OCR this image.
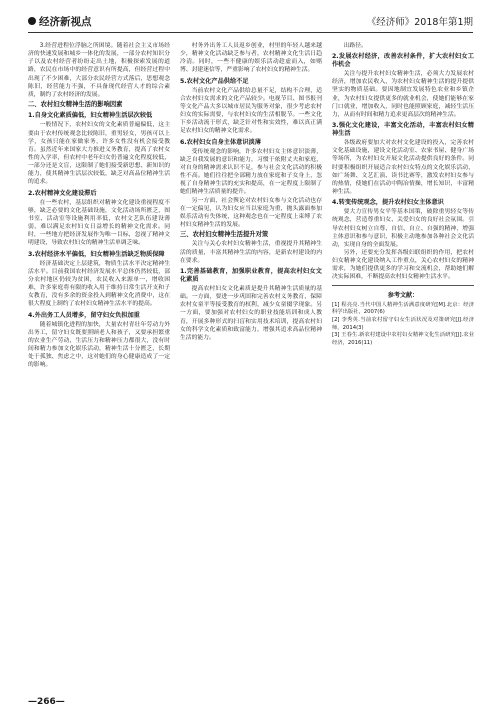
经济新视点	《经济师》2018年第1期

3.经营进程位浮脑之所困境。随着社会主义市场经济的快速发展和城乡一体化的发展，一部分农村知识分子以及农村经营者纷纷走出土地，积极探索发展的道路，农民在市场中的经营意识有所提高，但经营过程中出现了不少困难，大部分农民经营方式落后，思想观念陈旧，经营能力不强，不具备现代经营人才的综合素质，制约了农村经济的发展。

二、农村妇女精神生活的影响因素
1.自身文化素质偏低，妇女精神生活层次较低

一般情况下，农村妇女的文化素质普遍偏低，这主要由于农村传统观念比较陈旧，重男轻女，男孩可以上学，女孩只能在家做家务，许多女性没有机会接受教育。虽然近年来国家大力推进义务教育，提高了农村女性的入学率，但农村中老年妇女仍普遍文化程度较低，一部分还是文盲，这限制了她们接受新思想、新知识的能力，使其精神生活层次较低，缺乏对高品位精神生活的追求。

2.农村精神文化建设滞后

在一些农村，基层组织对精神文化建设重视程度不够，缺乏必要的文化基础设施，文化活动场所匮乏，图书室、活动室等设施利用率低，农村文艺队伍建设薄弱，难以满足农村妇女日益增长的精神文化需求。同时，一些地方把经济发展作为唯一目标，忽视了精神文明建设，导致农村妇女的精神生活单调乏味。

3.农村经济水平偏低，妇女精神生活缺乏物质保障

经济基础决定上层建筑，物质生活水平决定精神生活水平。目前我国农村经济发展水平总体仍然较低，部分农村地区仍较为贫困，农民收入来源单一，增收困难，许多家庭将有限的收入用于维持日常生活开支和子女教育，没有多余的资金投入到精神文化消费中，这在很大程度上制约了农村妇女精神生活水平的提高。

4.外出务工人员增多，留守妇女负担加重

随着城镇化进程的加快，大量农村青壮年劳动力外出务工，留守妇女既要照顾老人和孩子，又要承担繁重的农业生产劳动，生活压力和精神压力都很大，没有时间和精力参加文化娱乐活动，精神生活十分匮乏，长期处于孤独、焦虑之中，这对她们的身心健康造成了一定的影响。

村务外出务工人员返乡创业，村里的年轻人越来越少，精神文化活动缺乏参与者，农村精神文化生活日趋冷清。同时，一些不健康的娱乐活动趁虚而入，如赌博、封建迷信等，严重影响了农村妇女的精神生活。

5.农村文化产品供给不足

当前农村文化产品供给总量不足，结构不合理，适合农村妇女需求的文化产品较少。电视节目、图书报刊等文化产品大多以城市居民为服务对象，很少考虑农村妇女的实际需要，与农村妇女的生活相脱节。一些文化下乡活动流于形式，缺乏针对性和实效性，难以真正满足农村妇女的精神文化需求。

6.农村妇女自身主体意识淡薄

受传统观念的影响，许多农村妇女主体意识淡薄，缺乏自我发展的意识和能力，习惯于依附丈夫和家庭，对自身的精神需求认识不足，参与社会文化活动的积极性不高。她们往往把全部精力放在家庭和子女身上，忽视了自身精神生活的充实和提高，在一定程度上限制了她们精神生活质量的提升。

另一方面，社会舆论对农村妇女参与文化活动也存在一定偏见，认为妇女应当以家庭为重，抛头露面参加娱乐活动有失体统，这种观念也在一定程度上束缚了农村妇女精神生活的发展。

三、农村妇女精神生活提升对策

关注与关心农村妇女精神生活，重视提升其精神生活的质量，丰富其精神生活的内容，是新农村建设的内在要求。

1.完善基础教育，加强职业教育，提高农村妇女文化素质

提高农村妇女文化素质是提升其精神生活质量的基础。一方面，要进一步巩固和完善农村义务教育，保障农村女童平等接受教育的权利，减少女童辍学现象。另一方面，要加强对农村妇女的职业技能培训和成人教育，开展多种形式的扫盲和实用技术培训，提高农村妇女的科学文化素质和致富能力，增强其追求高品位精神生活的能力。

出路径。

2.发展农村经济，改善农村条件，扩大农村妇女工作机会

关注与提升农村妇女精神生活，必须大力发展农村经济，增加农民收入，为农村妇女精神生活的提升提供坚实的物质基础。要因地制宜发展特色农业和乡镇企业，为农村妇女提供更多的就业机会，使她们能够在家门口就业，增加收入，同时也能照顾家庭，减轻生活压力，从而有时间和精力追求更高层次的精神生活。

3.强化文化建设，丰富文化活动，丰富农村妇女精神生活

各级政府要加大对农村文化建设的投入，完善农村文化基础设施，建设文化活动室、农家书屋、健身广场等场所，为农村妇女开展文化活动提供良好的条件。同时要积极组织开展适合农村妇女特点的文化娱乐活动，如广场舞、文艺汇演、读书比赛等，激发农村妇女参与的热情，使她们在活动中陶冶情操，增长知识，丰富精神生活。

4.转变传统观念，提升农村妇女主体意识

要大力宣传男女平等基本国策，破除重男轻女等传统观念，营造尊重妇女、关爱妇女的良好社会氛围。引导农村妇女树立自尊、自信、自立、自强的精神，增强主体意识和参与意识，积极主动地参加各种社会文化活动，实现自身的全面发展。

另外，还要充分发挥各级妇联组织的作用，把农村妇女精神文化建设纳入工作重点，关心农村妇女的精神需求，为她们提供更多的学习和交流机会，帮助她们解决实际困难，不断提高农村妇女精神生活水平。

参考文献：
[1] 程亮亮.当代中国人精神生活满意度研究[M].北京：经济科学出版社，2007(6)
[2] 李秀英.当前农村留守妇女生活状况及对策研究[J].经济师，2014(3)
[3] 王春生.新农村建设中农村妇女精神文化生活研究[J].农业经济，2016(11)
—266—
